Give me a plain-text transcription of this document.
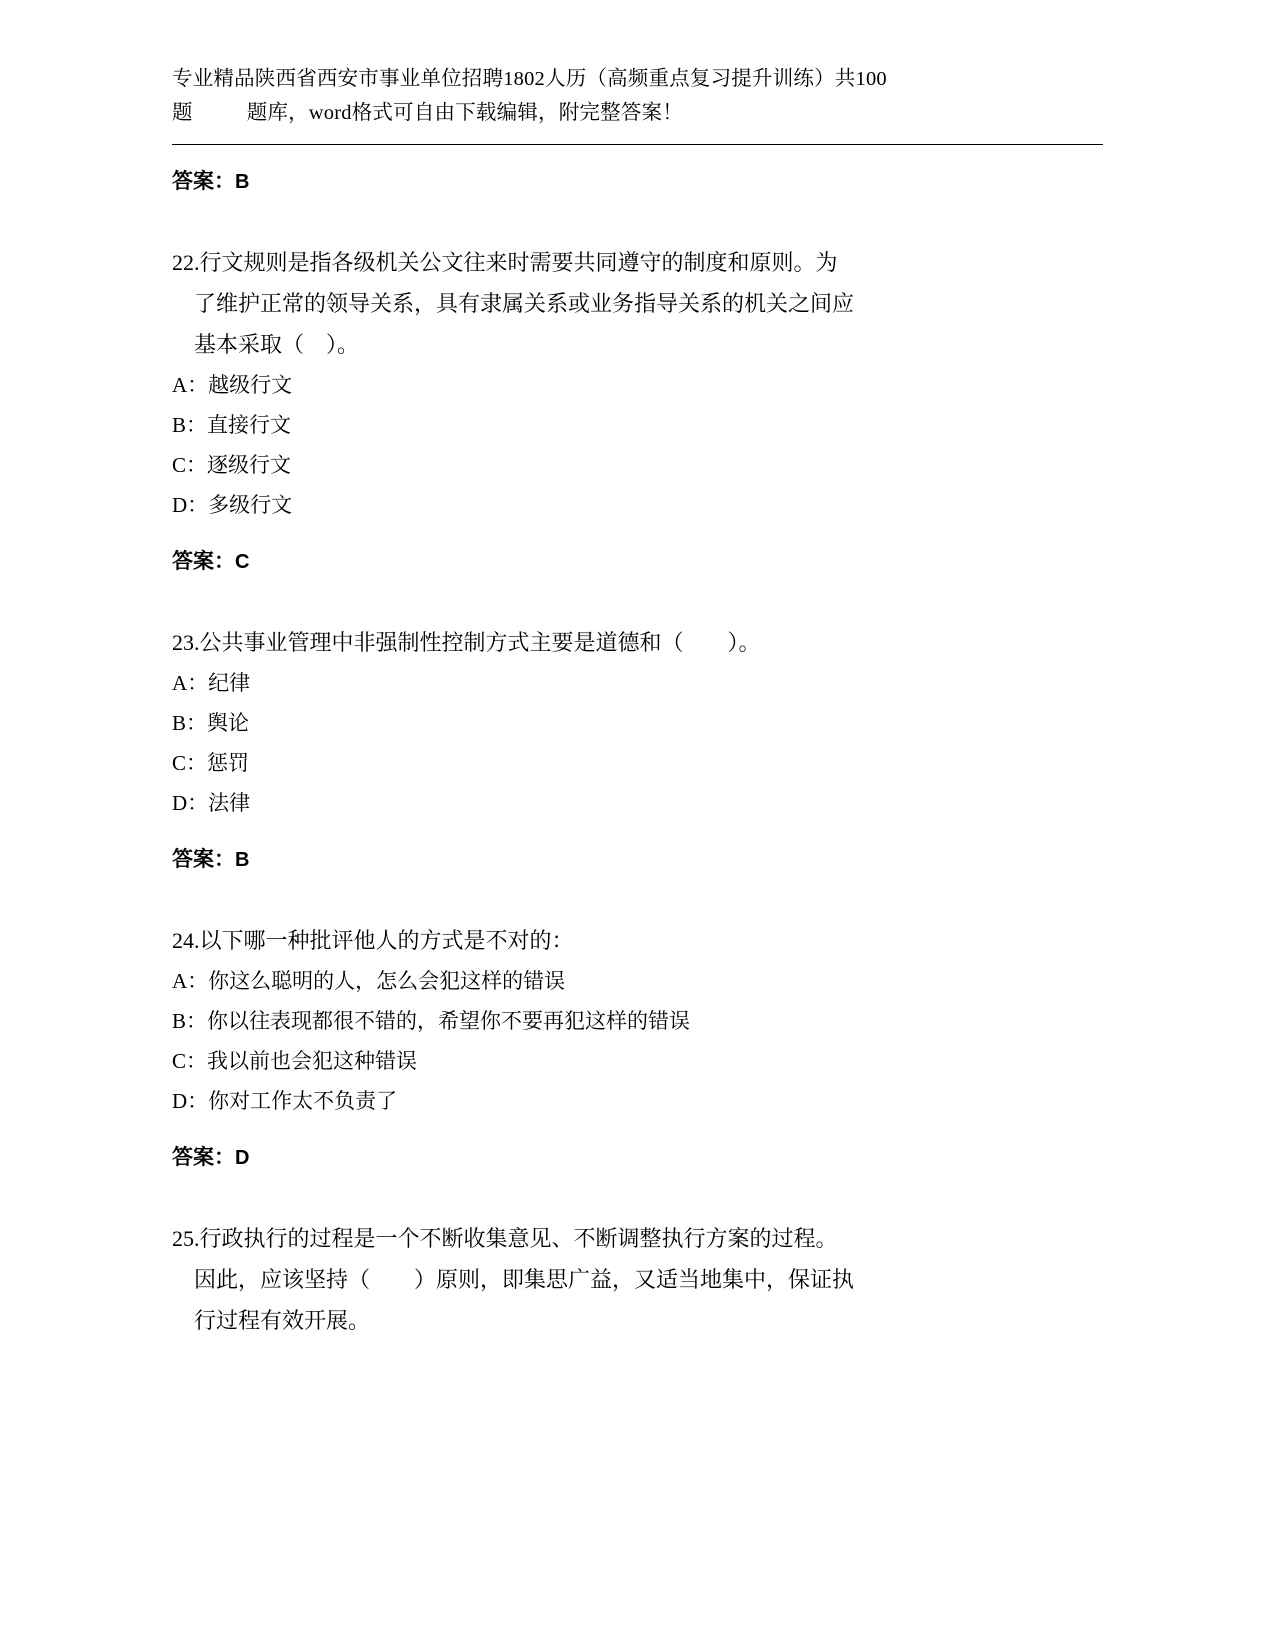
专业精品陕西省西安市事业单位招聘1802人历（高频重点复习提升训练）共100
题	题库，word格式可自由下载编辑，附完整答案！

答案：B

22.行文规则是指各级机关公文往来时需要共同遵守的制度和原则。为
了维护正常的领导关系，具有隶属关系或业务指导关系的机关之间应
基本采取（　）。

A：越级行文

B：直接行文

C：逐级行文

D：多级行文

答案：C

23.公共事业管理中非强制性控制方式主要是道德和（　　）。

A：纪律

B：舆论

C：惩罚

D：法律

答案：B

24.以下哪一种批评他人的方式是不对的：

A：你这么聪明的人，怎么会犯这样的错误

B：你以往表现都很不错的，希望你不要再犯这样的错误

C：我以前也会犯这种错误

D：你对工作太不负责了

答案：D

25.行政执行的过程是一个不断收集意见、不断调整执行方案的过程。
因此，应该坚持（　　）原则，即集思广益，又适当地集中，保证执
行过程有效开展。
